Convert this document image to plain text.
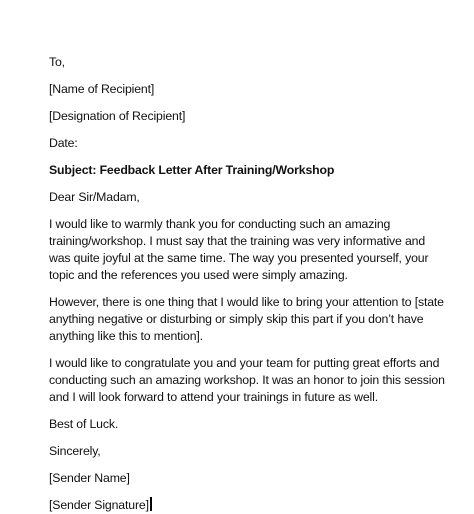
To,
[Name of Recipient]
[Designation of Recipient]
Date:
Subject: Feedback Letter After Training/Workshop
Dear Sir/Madam,
I would like to warmly thank you for conducting such an amazing
training/workshop. I must say that the training was very informative and
was quite joyful at the same time. The way you presented yourself, your
topic and the references you used were simply amazing.
However, there is one thing that I would like to bring your attention to [state
anything negative or disturbing or simply skip this part if you don’t have
anything like this to mention].
I would like to congratulate you and your team for putting great efforts and
conducting such an amazing workshop. It was an honor to join this session
and I will look forward to attend your trainings in future as well.
Best of Luck.
Sincerely,
[Sender Name]
[Sender Signature]
